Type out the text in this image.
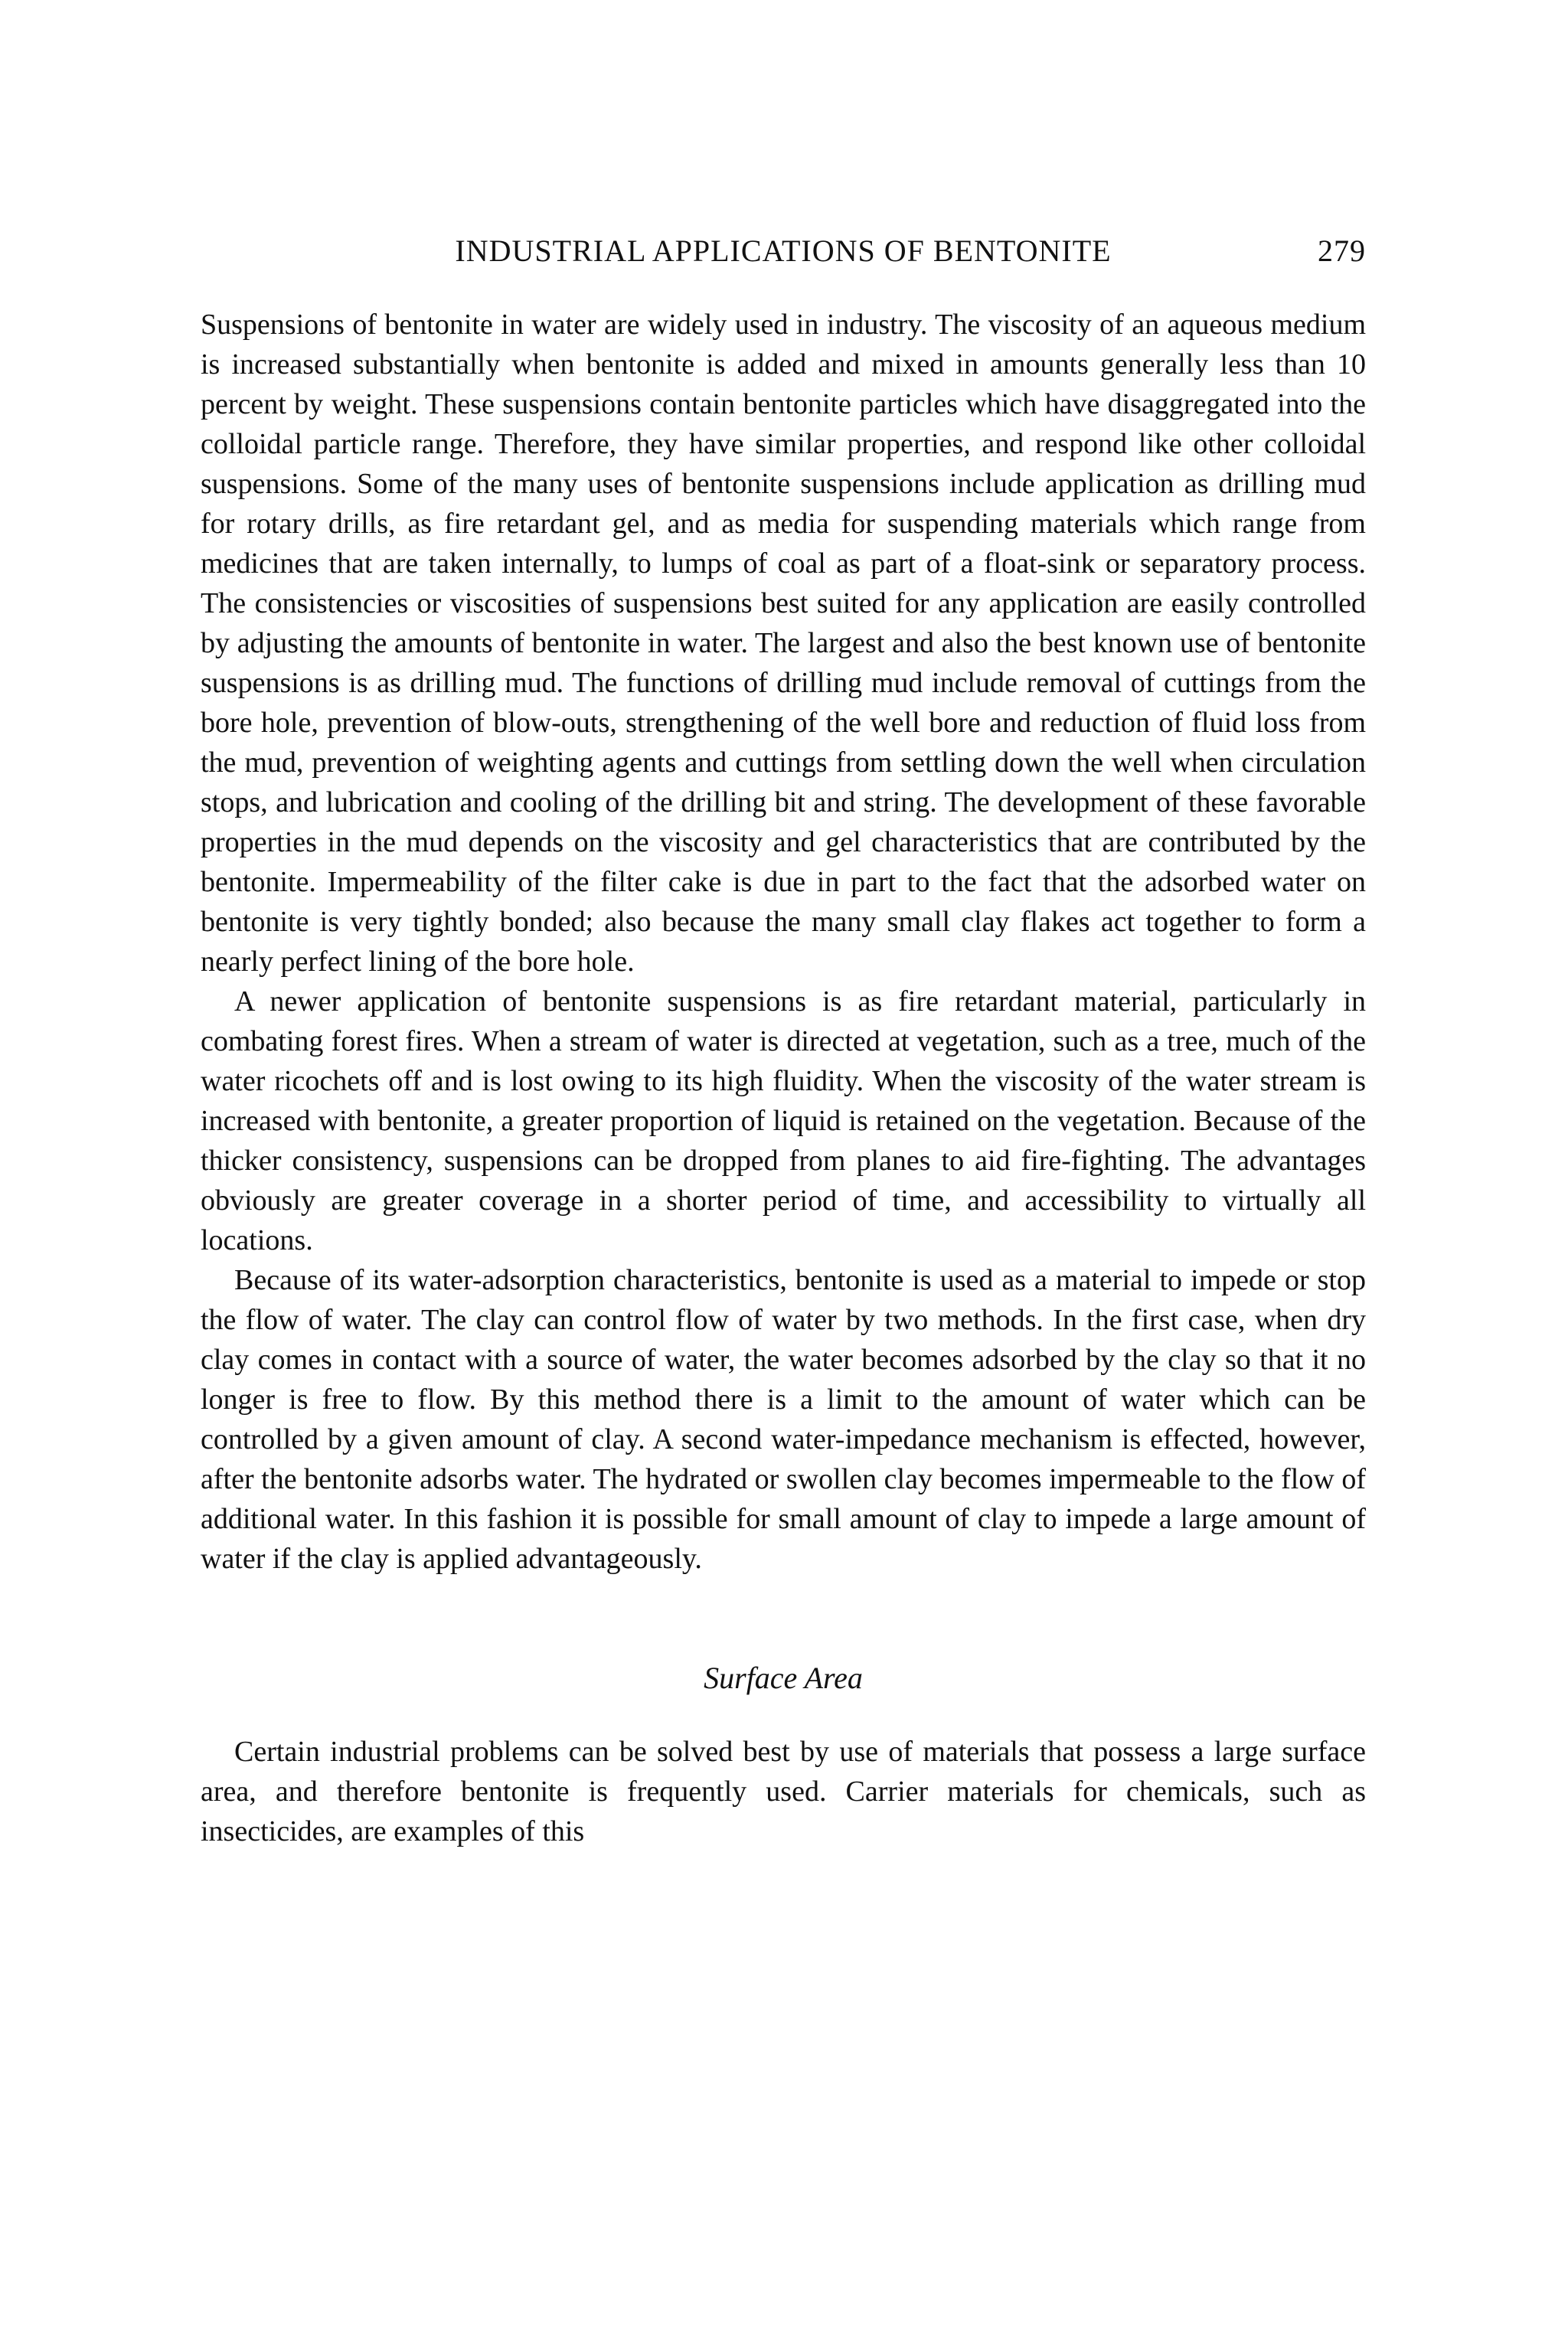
INDUSTRIAL APPLICATIONS OF BENTONITE	279

Suspensions of bentonite in water are widely used in industry. The viscosity of an aqueous medium is increased substantially when bentonite is added and mixed in amounts generally less than 10 percent by weight. These suspensions contain bentonite particles which have disaggregated into the colloidal particle range. Therefore, they have similar properties, and respond like other colloidal suspensions. Some of the many uses of bentonite suspensions include application as drilling mud for rotary drills, as fire retardant gel, and as media for suspending materials which range from medicines that are taken internally, to lumps of coal as part of a float-sink or separatory process. The consistencies or viscosities of suspensions best suited for any application are easily controlled by adjusting the amounts of bentonite in water. The largest and also the best known use of bentonite suspensions is as drilling mud. The functions of drilling mud include removal of cuttings from the bore hole, prevention of blow-outs, strengthening of the well bore and reduction of fluid loss from the mud, prevention of weighting agents and cuttings from settling down the well when circulation stops, and lubrication and cooling of the drilling bit and string. The development of these favorable properties in the mud depends on the viscosity and gel characteristics that are contributed by the bentonite. Impermeability of the filter cake is due in part to the fact that the adsorbed water on bentonite is very tightly bonded; also because the many small clay flakes act together to form a nearly perfect lining of the bore hole.

A newer application of bentonite suspensions is as fire retardant material, particularly in combating forest fires. When a stream of water is directed at vegetation, such as a tree, much of the water ricochets off and is lost owing to its high fluidity. When the viscosity of the water stream is increased with bentonite, a greater proportion of liquid is retained on the vegetation. Because of the thicker consistency, suspensions can be dropped from planes to aid fire-fighting. The advantages obviously are greater coverage in a shorter period of time, and accessibility to virtually all locations.

Because of its water-adsorption characteristics, bentonite is used as a material to impede or stop the flow of water. The clay can control flow of water by two methods. In the first case, when dry clay comes in contact with a source of water, the water becomes adsorbed by the clay so that it no longer is free to flow. By this method there is a limit to the amount of water which can be controlled by a given amount of clay. A second water-impedance mechanism is effected, however, after the bentonite adsorbs water. The hydrated or swollen clay becomes impermeable to the flow of additional water. In this fashion it is possible for small amount of clay to impede a large amount of water if the clay is applied advantageously.

Surface Area

Certain industrial problems can be solved best by use of materials that possess a large surface area, and therefore bentonite is frequently used. Carrier materials for chemicals, such as insecticides, are examples of this
